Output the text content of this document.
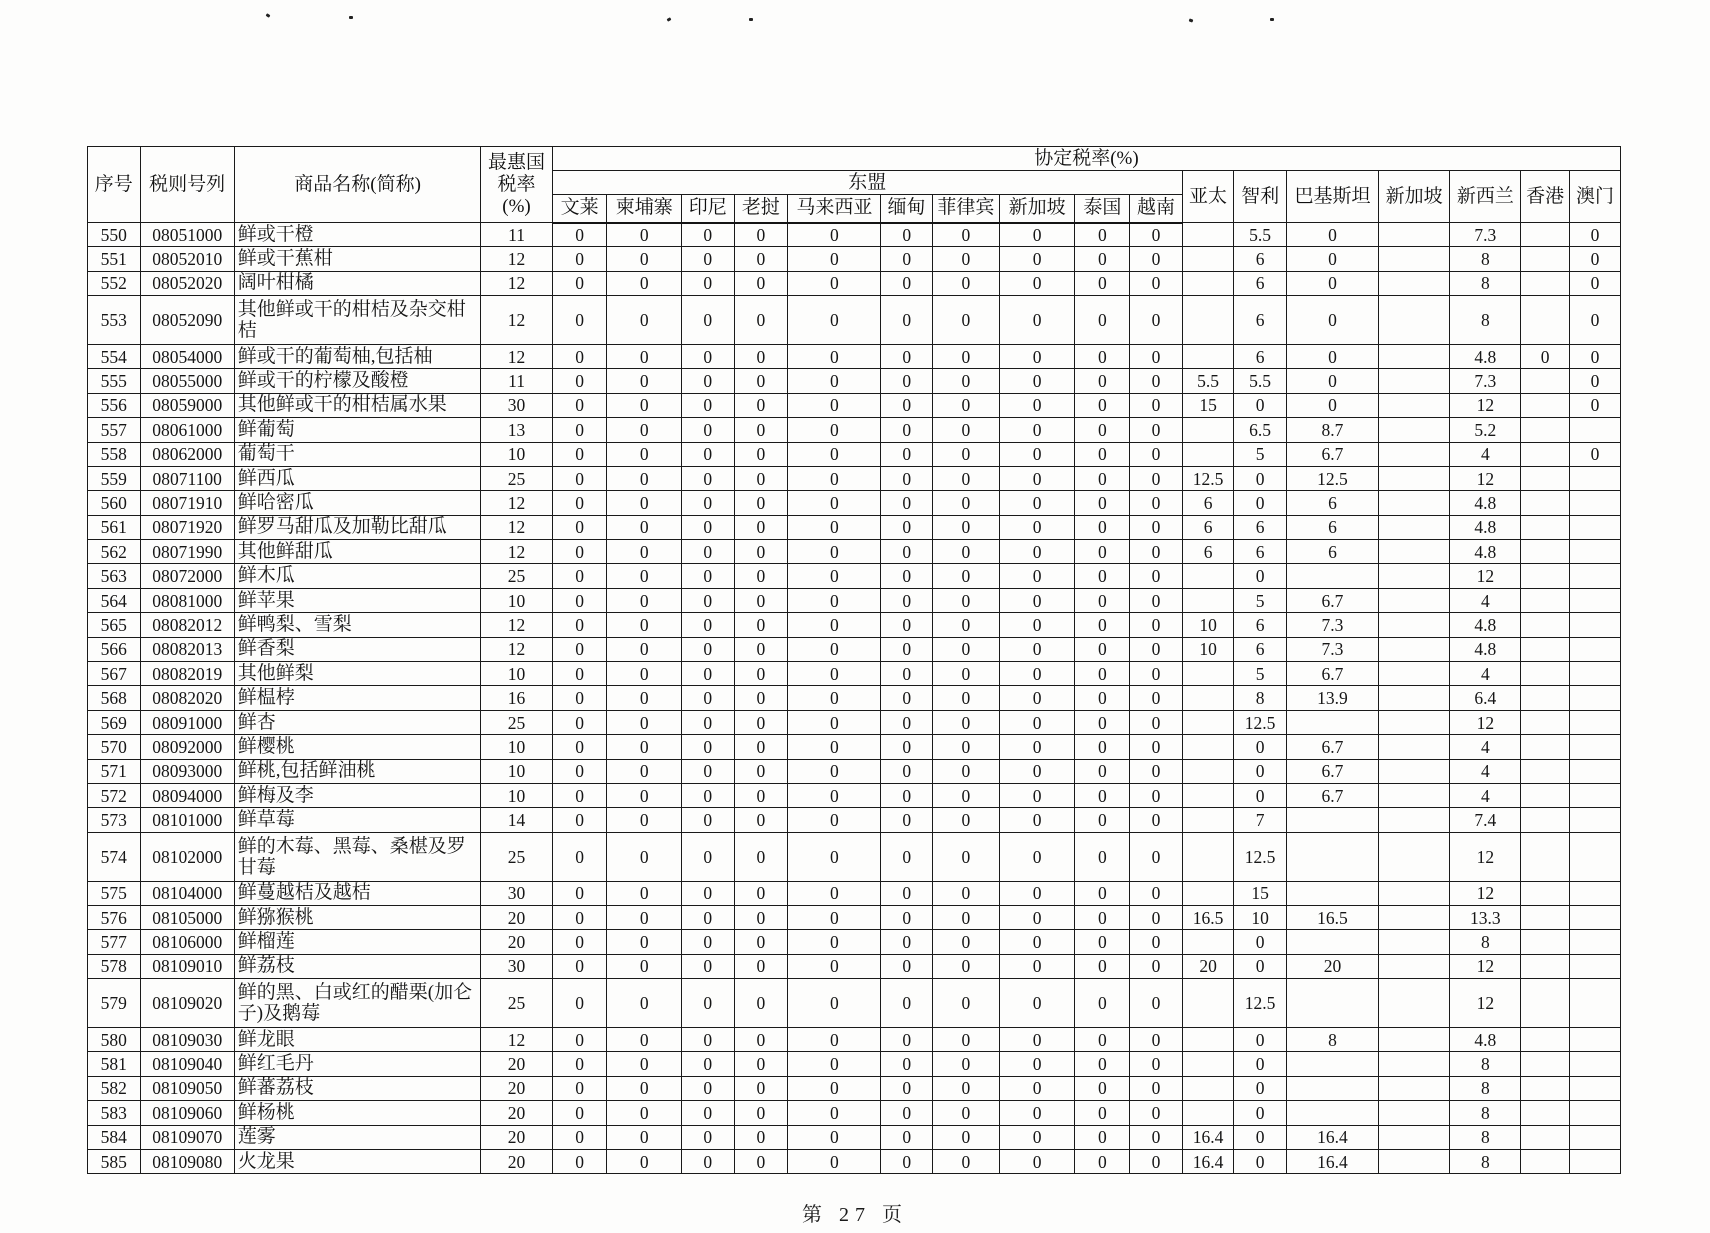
序号	税则号列	商品名称(简称)	最惠国
税率
(%)	协定税率(%)																
				东盟										亚太	智利	巴基斯坦	新加坡	新西兰	香港	澳门
				文莱	柬埔寨	印尼	老挝	马来西亚	缅甸	菲律宾	新加坡	泰国	越南							
550	08051000	鲜或干橙	11	0	0	0	0	0	0	0	0	0	0		5.5	0		7.3		0
551	08052010	鲜或干蕉柑	12	0	0	0	0	0	0	0	0	0	0		6	0		8		0
552	08052020	阔叶柑橘	12	0	0	0	0	0	0	0	0	0	0		6	0		8		0
553	08052090	其他鲜或干的柑桔及杂交柑桔	12	0	0	0	0	0	0	0	0	0	0		6	0		8		0
554	08054000	鲜或干的葡萄柚,包括柚	12	0	0	0	0	0	0	0	0	0	0		6	0		4.8	0	0
555	08055000	鲜或干的柠檬及酸橙	11	0	0	0	0	0	0	0	0	0	0	5.5	5.5	0		7.3		0
556	08059000	其他鲜或干的柑桔属水果	30	0	0	0	0	0	0	0	0	0	0	15	0	0		12		0
557	08061000	鲜葡萄	13	0	0	0	0	0	0	0	0	0	0		6.5	8.7		5.2		
558	08062000	葡萄干	10	0	0	0	0	0	0	0	0	0	0		5	6.7		4		0
559	08071100	鲜西瓜	25	0	0	0	0	0	0	0	0	0	0	12.5	0	12.5		12		
560	08071910	鲜哈密瓜	12	0	0	0	0	0	0	0	0	0	0	6	0	6		4.8		
561	08071920	鲜罗马甜瓜及加勒比甜瓜	12	0	0	0	0	0	0	0	0	0	0	6	6	6		4.8		
562	08071990	其他鲜甜瓜	12	0	0	0	0	0	0	0	0	0	0	6	6	6		4.8		
563	08072000	鲜木瓜	25	0	0	0	0	0	0	0	0	0	0		0			12		
564	08081000	鲜苹果	10	0	0	0	0	0	0	0	0	0	0		5	6.7		4		
565	08082012	鲜鸭梨、雪梨	12	0	0	0	0	0	0	0	0	0	0	10	6	7.3		4.8		
566	08082013	鲜香梨	12	0	0	0	0	0	0	0	0	0	0	10	6	7.3		4.8		
567	08082019	其他鲜梨	10	0	0	0	0	0	0	0	0	0	0		5	6.7		4		
568	08082020	鲜榅桲	16	0	0	0	0	0	0	0	0	0	0		8	13.9		6.4		
569	08091000	鲜杏	25	0	0	0	0	0	0	0	0	0	0		12.5			12		
570	08092000	鲜樱桃	10	0	0	0	0	0	0	0	0	0	0		0	6.7		4		
571	08093000	鲜桃,包括鲜油桃	10	0	0	0	0	0	0	0	0	0	0		0	6.7		4		
572	08094000	鲜梅及李	10	0	0	0	0	0	0	0	0	0	0		0	6.7		4		
573	08101000	鲜草莓	14	0	0	0	0	0	0	0	0	0	0		7			7.4		
574	08102000	鲜的木莓、黑莓、桑椹及罗甘莓	25	0	0	0	0	0	0	0	0	0	0		12.5			12		
575	08104000	鲜蔓越桔及越桔	30	0	0	0	0	0	0	0	0	0	0		15			12		
576	08105000	鲜猕猴桃	20	0	0	0	0	0	0	0	0	0	0	16.5	10	16.5		13.3		
577	08106000	鲜榴莲	20	0	0	0	0	0	0	0	0	0	0		0			8		
578	08109010	鲜荔枝	30	0	0	0	0	0	0	0	0	0	0	20	0	20		12		
579	08109020	鲜的黑、白或红的醋栗(加仑子)及鹅莓	25	0	0	0	0	0	0	0	0	0	0		12.5			12		
580	08109030	鲜龙眼	12	0	0	0	0	0	0	0	0	0	0		0	8		4.8		
581	08109040	鲜红毛丹	20	0	0	0	0	0	0	0	0	0	0		0			8		
582	08109050	鲜蕃荔枝	20	0	0	0	0	0	0	0	0	0	0		0			8		
583	08109060	鲜杨桃	20	0	0	0	0	0	0	0	0	0	0		0			8		
584	08109070	莲雾	20	0	0	0	0	0	0	0	0	0	0	16.4	0	16.4		8		
585	08109080	火龙果	20	0	0	0	0	0	0	0	0	0	0	16.4	0	16.4		8		
第 27 页
